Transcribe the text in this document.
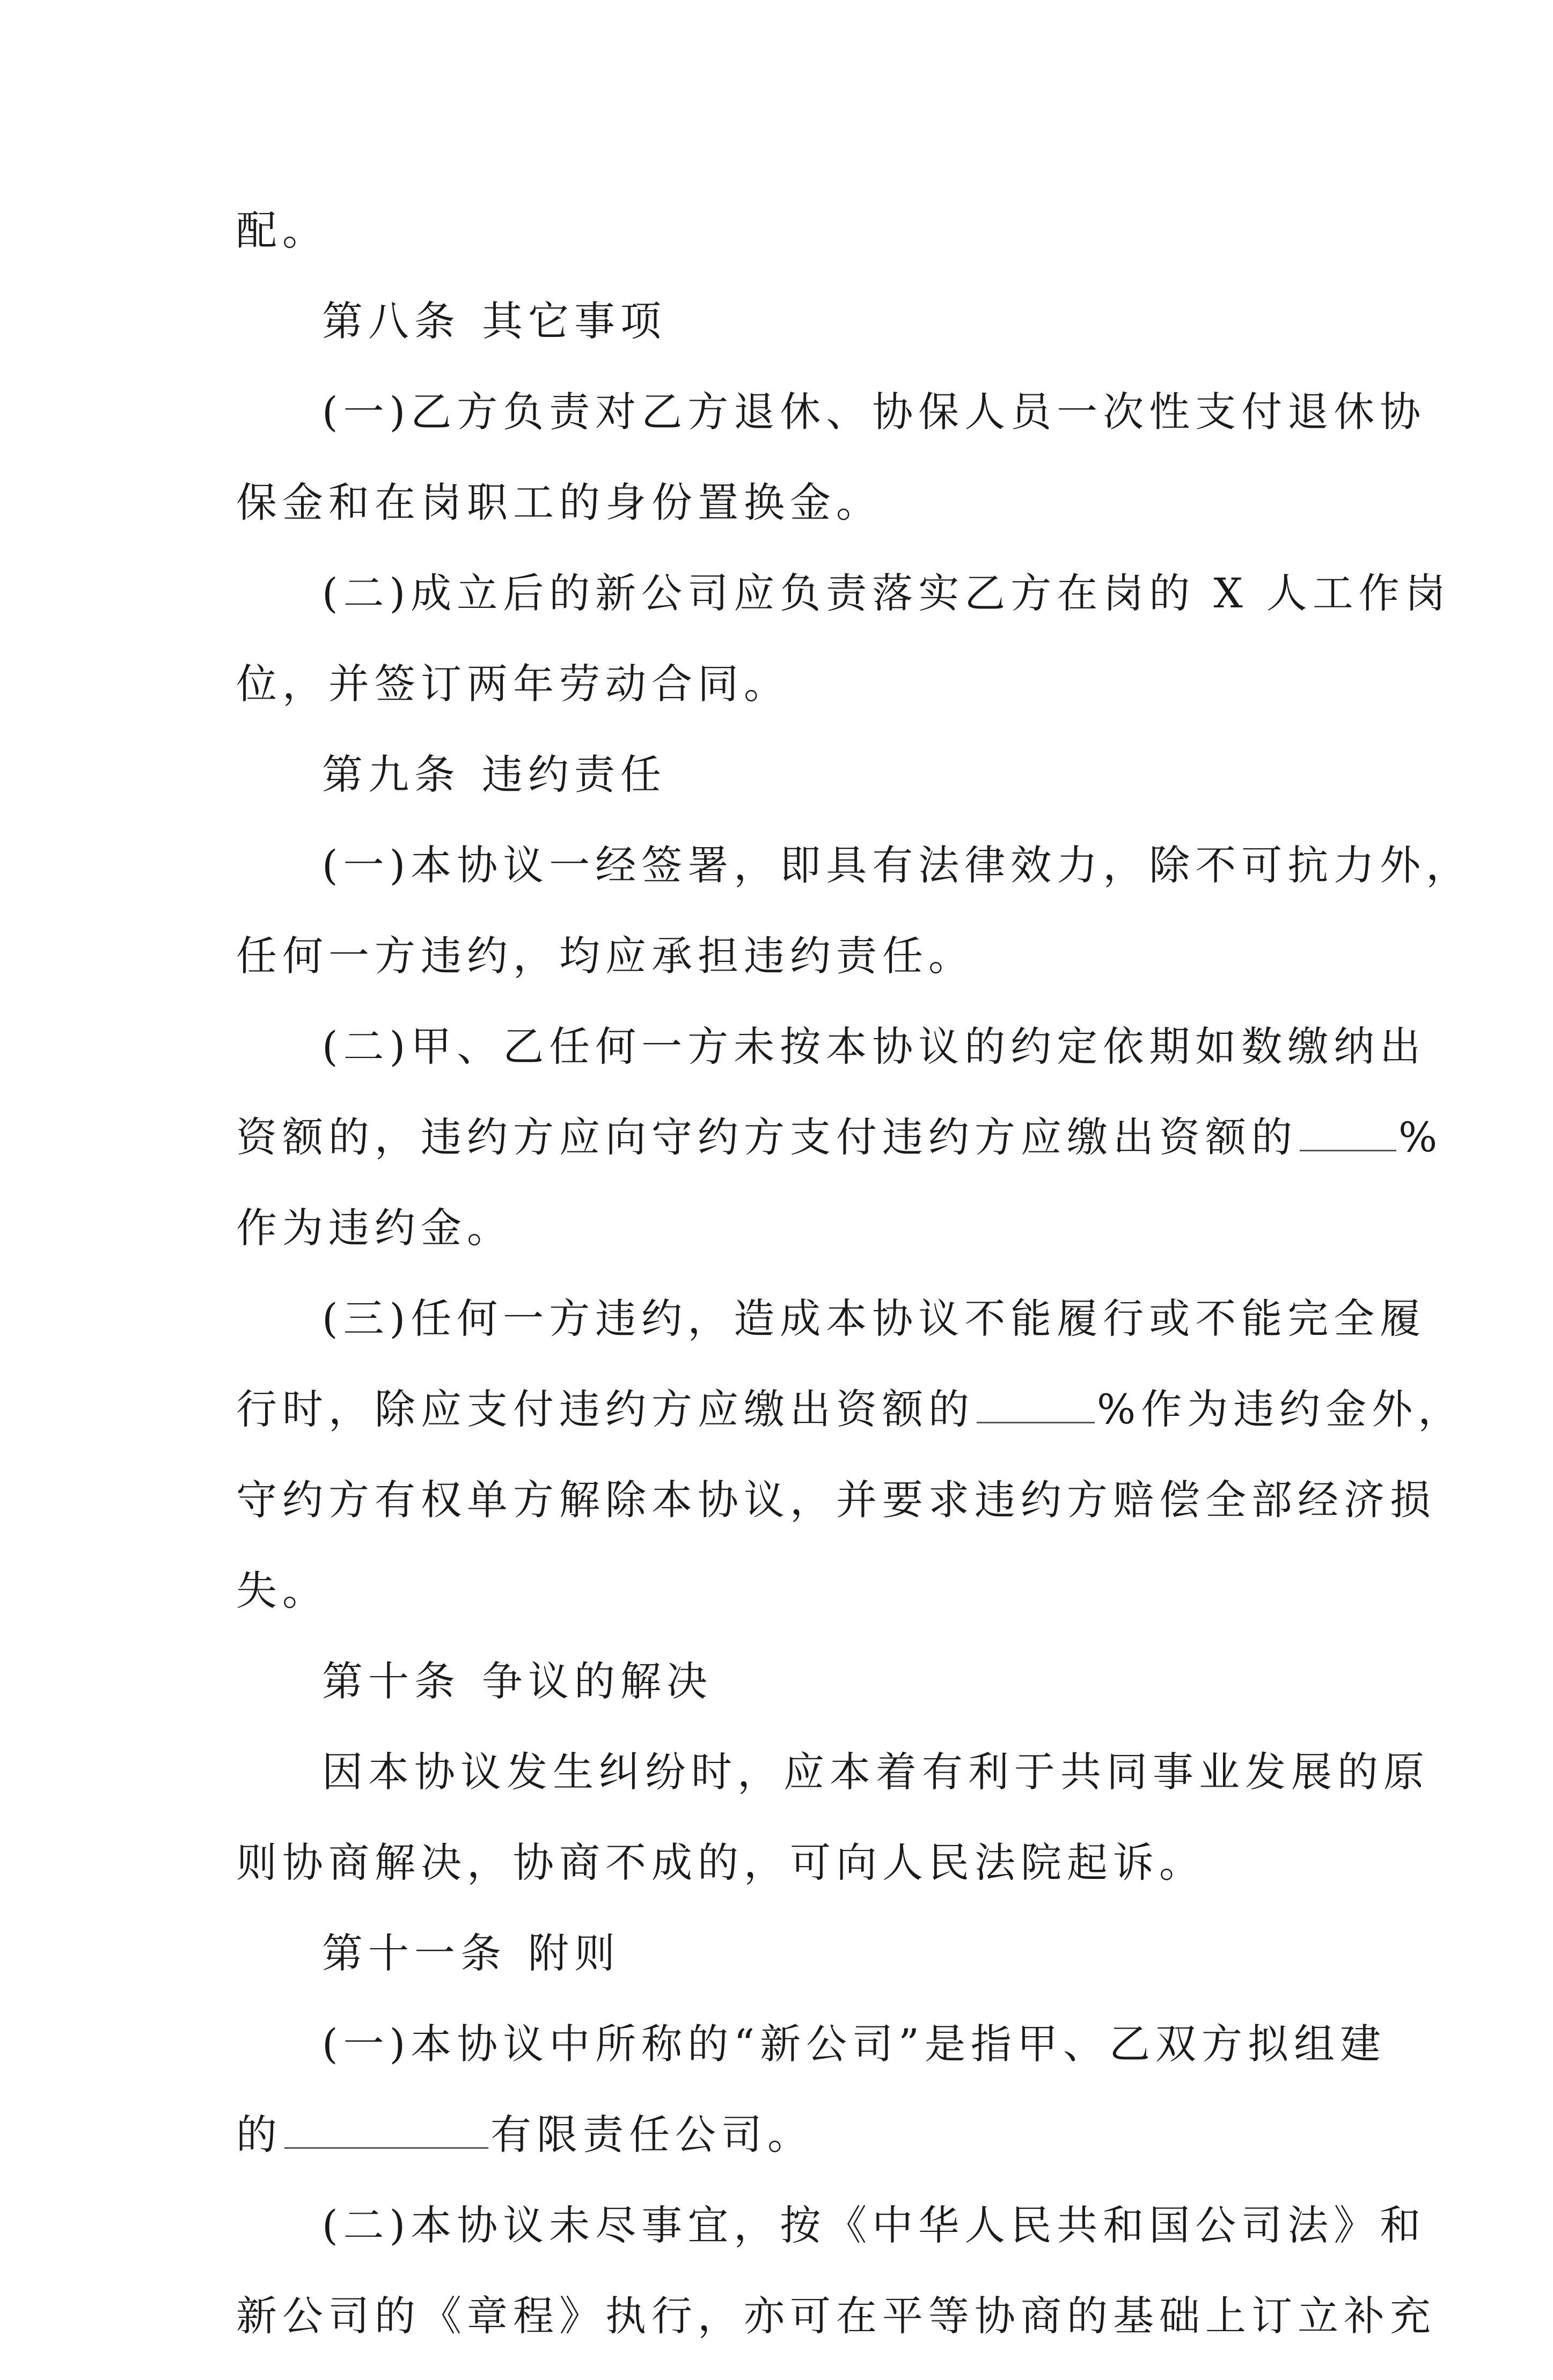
配。
第八条 其它事项
(一)乙方负责对乙方退休、协保人员一次性支付退休协
保金和在岗职工的身份置换金。
(二)成立后的新公司应负责落实乙方在岗的 X 人工作岗
位，并签订两年劳动合同。
第九条 违约责任
(一)本协议一经签署，即具有法律效力，除不可抗力外，
任何一方违约，均应承担违约责任。
(二)甲、乙任何一方未按本协议的约定依期如数缴纳出
资额的，违约方应向守约方支付违约方应缴出资额的 %
作为违约金。
(三)任何一方违约，造成本协议不能履行或不能完全履
行时，除应支付违约方应缴出资额的	%作为违约金外，
守约方有权单方解除本协议，并要求违约方赔偿全部经济损
失。
第十条 争议的解决
因本协议发生纠纷时，应本着有利于共同事业发展的原
则协商解决，协商不成的，可向人民法院起诉。
第十一条 附则
(一)本协议中所称的“新公司”是指甲、乙双方拟组建
的	有限责任公司。
(二)本协议未尽事宜，按《中华人民共和国公司法》和
新公司的《章程》执行，亦可在平等协商的基础上订立补充
